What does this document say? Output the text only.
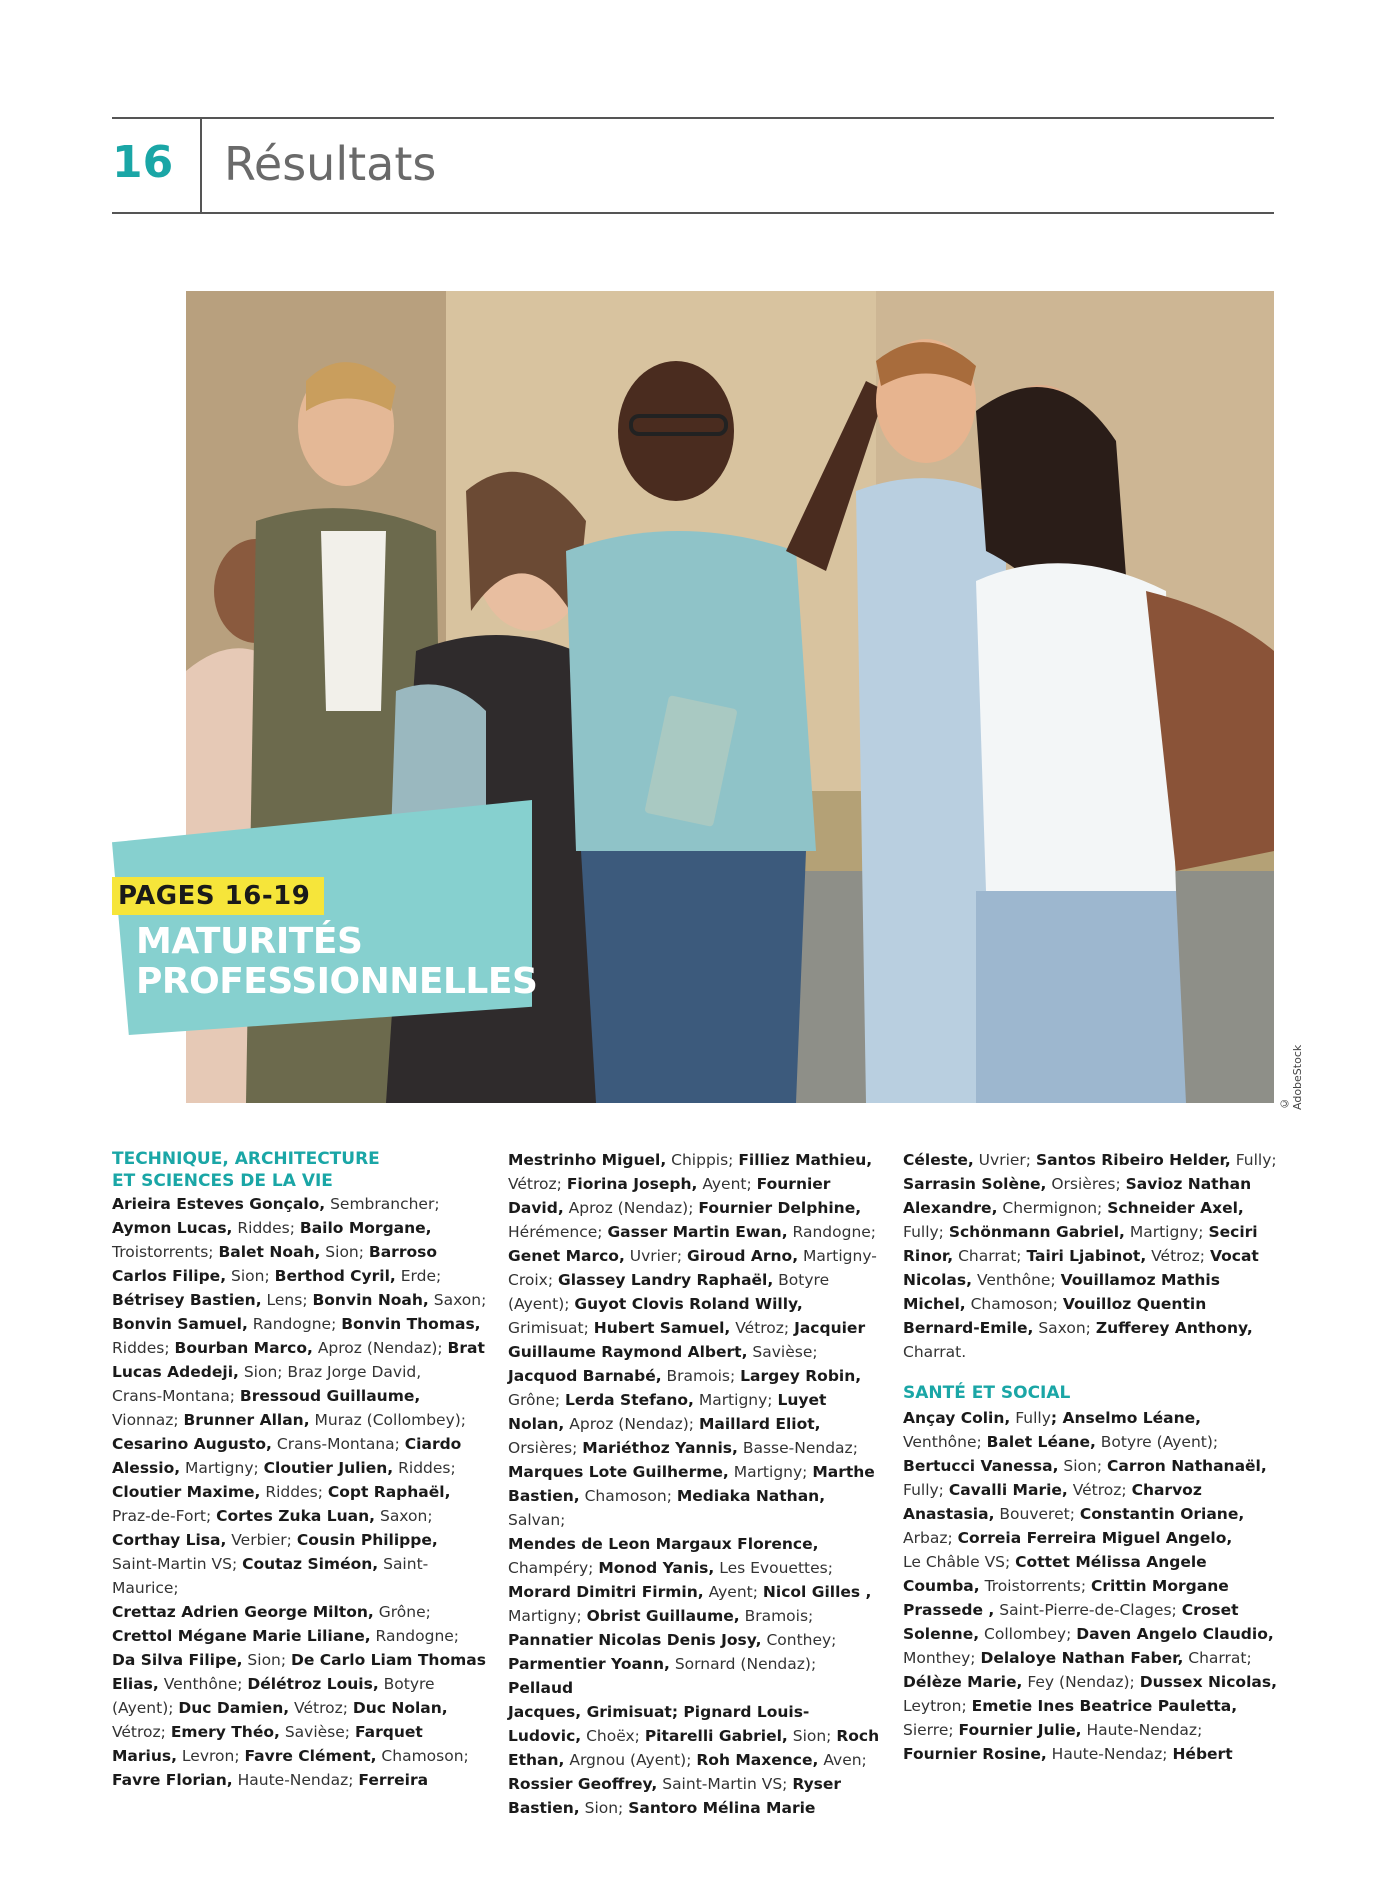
16	Résultats
© AdobeStock
PAGES 16-19
MATURITÉS
PROFESSIONNELLES

TECHNIQUE, ARCHITECTURE
ET SCIENCES DE LA VIE

Arieira Esteves Gonçalo, Sembrancher;

Aymon Lucas, Riddes; Bailo Morgane,

Troistorrents; Balet Noah, Sion; Barroso

Carlos Filipe, Sion; Berthod Cyril, Erde;

Bétrisey Bastien, Lens; Bonvin Noah, Saxon;

Bonvin Samuel, Randogne; Bonvin Thomas,

Riddes; Bourban Marco, Aproz (Nendaz); Brat

Lucas Adedeji, Sion; Braz Jorge David,

Crans-Montana; Bressoud Guillaume,

Vionnaz; Brunner Allan, Muraz (Collombey);

Cesarino Augusto, Crans-Montana; Ciardo

Alessio, Martigny; Cloutier Julien, Riddes;

Cloutier Maxime, Riddes; Copt Raphaël,

Praz-de-Fort; Cortes Zuka Luan, Saxon;

Corthay Lisa, Verbier; Cousin Philippe,

Saint-Martin VS; Coutaz Siméon, Saint-Maurice;

Crettaz Adrien George Milton, Grône;

Crettol Mégane Marie Liliane, Randogne;

Da Silva Filipe, Sion; De Carlo Liam Thomas

Elias, Venthône; Délétroz Louis, Botyre

(Ayent); Duc Damien, Vétroz; Duc Nolan,

Vétroz; Emery Théo, Savièse; Farquet

Marius, Levron; Favre Clément, Chamoson;

Favre Florian, Haute-Nendaz; Ferreira

Mestrinho Miguel, Chippis; Filliez Mathieu,

Vétroz; Fiorina Joseph, Ayent; Fournier

David, Aproz (Nendaz); Fournier Delphine,

Hérémence; Gasser Martin Ewan, Randogne;

Genet Marco, Uvrier; Giroud Arno, Martigny-

Croix; Glassey Landry Raphaël, Botyre

(Ayent); Guyot Clovis Roland Willy,

Grimisuat; Hubert Samuel, Vétroz; Jacquier

Guillaume Raymond Albert, Savièse;

Jacquod Barnabé, Bramois; Largey Robin,

Grône; Lerda Stefano, Martigny; Luyet

Nolan, Aproz (Nendaz); Maillard Eliot,

Orsières; Mariéthoz Yannis, Basse-Nendaz;

Marques Lote Guilherme, Martigny; Marthe

Bastien, Chamoson; Mediaka Nathan, Salvan;

Mendes de Leon Margaux Florence,

Champéry; Monod Yanis, Les Evouettes;

Morard Dimitri Firmin, Ayent; Nicol Gilles ,

Martigny; Obrist Guillaume, Bramois;

Pannatier Nicolas Denis Josy, Conthey;

Parmentier Yoann, Sornard (Nendaz); Pellaud

Jacques, Grimisuat; Pignard Louis-

Ludovic, Choëx; Pitarelli Gabriel, Sion; Roch

Ethan, Argnou (Ayent); Roh Maxence, Aven;

Rossier Geoffrey, Saint-Martin VS; Ryser

Bastien, Sion; Santoro Mélina Marie

Céleste, Uvrier; Santos Ribeiro Helder, Fully;

Sarrasin Solène, Orsières; Savioz Nathan

Alexandre, Chermignon; Schneider Axel,

Fully; Schönmann Gabriel, Martigny; Seciri

Rinor, Charrat; Tairi Ljabinot, Vétroz; Vocat

Nicolas, Venthône; Vouillamoz Mathis

Michel, Chamoson; Vouilloz Quentin

Bernard-Emile, Saxon; Zufferey Anthony,

Charrat.

SANTÉ ET SOCIAL

Ançay Colin, Fully; Anselmo Léane,

Venthône; Balet Léane, Botyre (Ayent);

Bertucci Vanessa, Sion; Carron Nathanaël,

Fully; Cavalli Marie, Vétroz; Charvoz

Anastasia, Bouveret; Constantin Oriane,

Arbaz; Correia Ferreira Miguel Angelo,

Le Châble VS; Cottet Mélissa Angele

Coumba, Troistorrents; Crittin Morgane

Prassede , Saint-Pierre-de-Clages; Croset

Solenne, Collombey; Daven Angelo Claudio,

Monthey; Delaloye Nathan Faber, Charrat;

Délèze Marie, Fey (Nendaz); Dussex Nicolas,

Leytron; Emetie Ines Beatrice Pauletta,

Sierre; Fournier Julie, Haute-Nendaz;

Fournier Rosine, Haute-Nendaz; Hébert
